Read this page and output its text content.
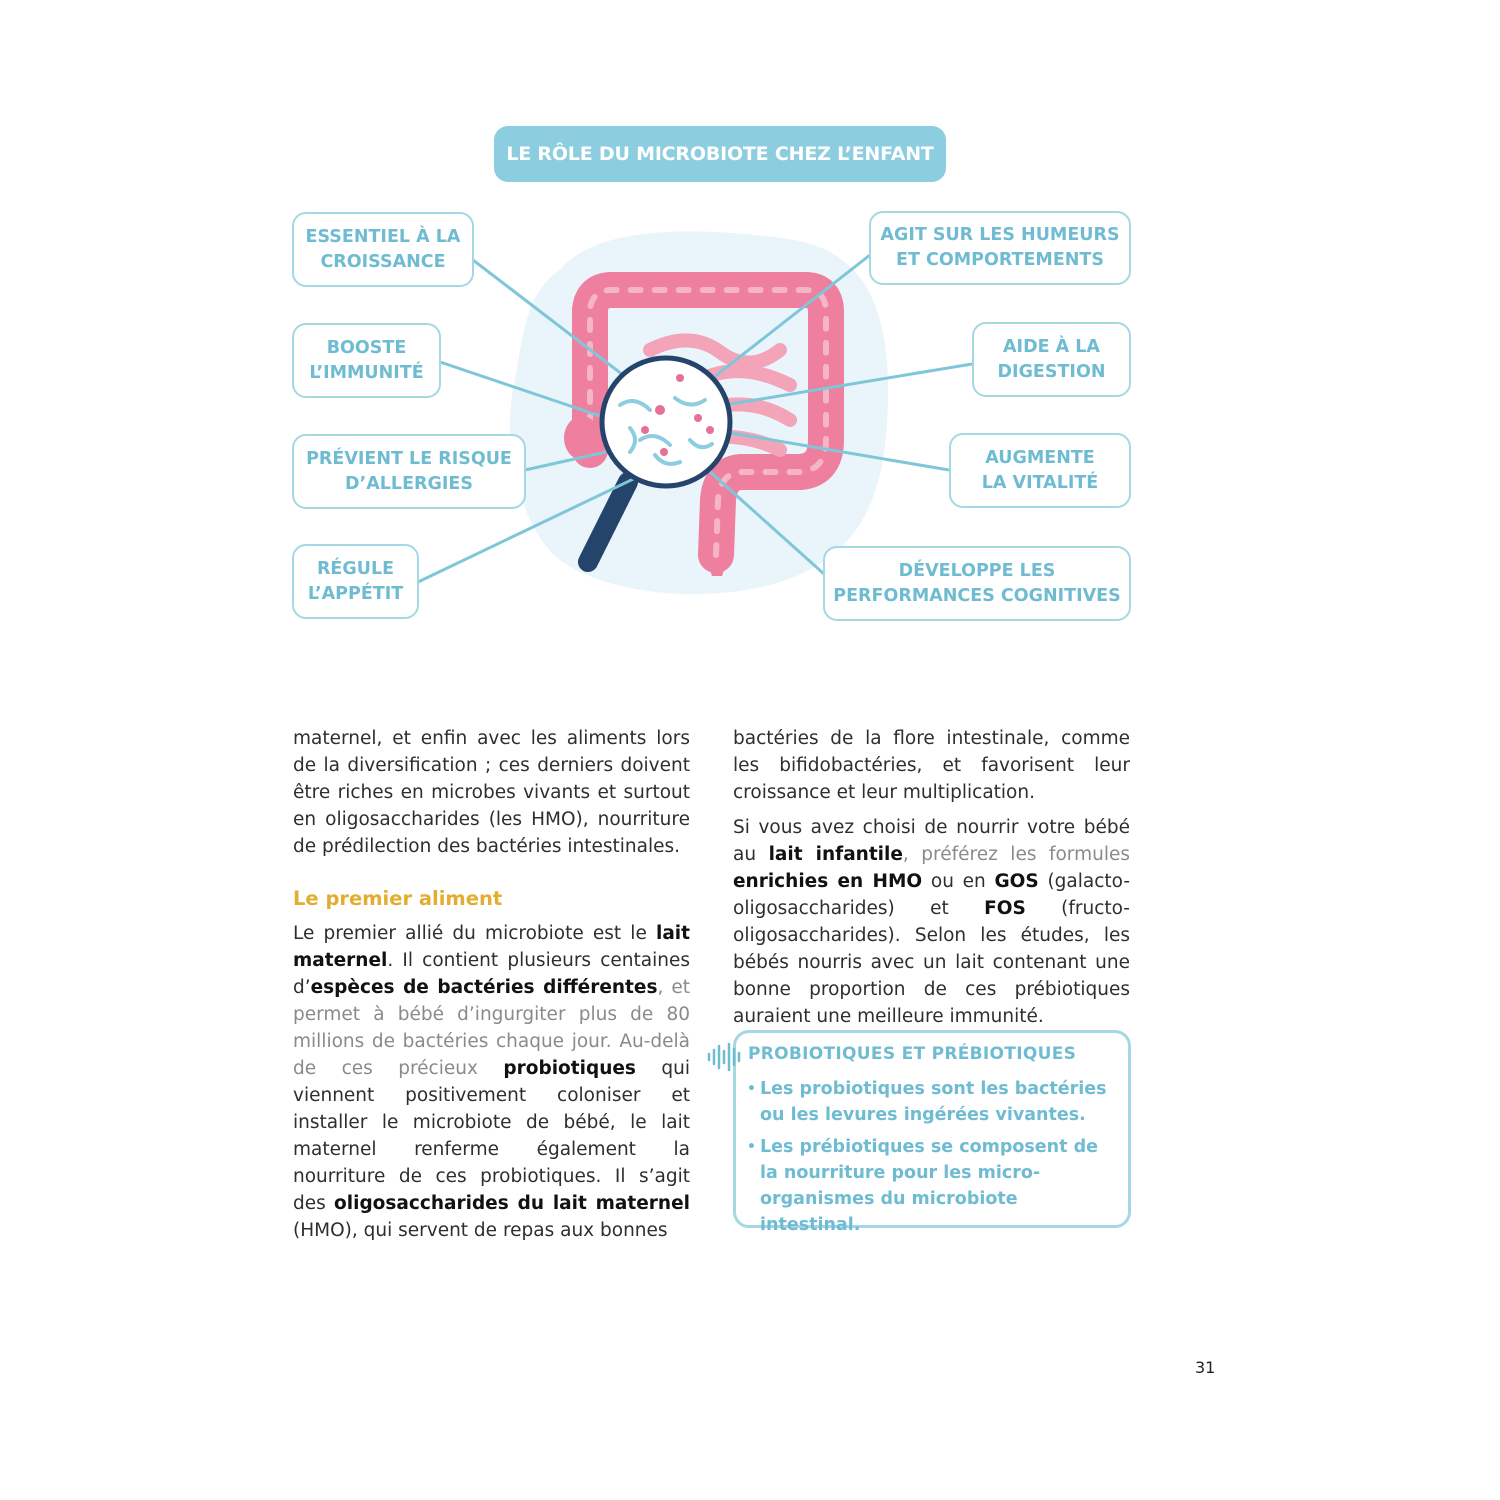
LE RÔLE DU MICROBIOTE CHEZ L’ENFANT
ESSENTIEL À LA
CROISSANCE
BOOSTE
L’IMMUNITÉ
PRÉVIENT LE RISQUE
D’ALLERGIES
RÉGULE
L’APPÉTIT
AGIT SUR LES HUMEURS
ET COMPORTEMENTS
AIDE À LA
DIGESTION
AUGMENTE
LA VITALITÉ
DÉVELOPPE LES
PERFORMANCES COGNITIVES

maternel, et enfin avec les aliments lors de la diversification ; ces derniers doivent être riches en microbes vivants et surtout en oligosaccharides (les HMO), nourriture de prédilection des bactéries intestinales.

Le premier aliment

Le premier allié du microbiote est le lait maternel. Il contient plusieurs centaines d’espèces de bactéries différentes, et permet à bébé d’ingurgiter plus de 80 millions de bactéries chaque jour. Au-delà de ces précieux probiotiques qui viennent positivement coloniser et installer le microbiote de bébé, le lait maternel renferme également la nourriture de ces probiotiques. Il s’agit des oligosaccharides du lait maternel (HMO), qui servent de repas aux bonnes

bactéries de la flore intestinale, comme les bifidobactéries, et favorisent leur croissance et leur multiplication.

Si vous avez choisi de nourrir votre bébé au lait infantile, préférez les formules enrichies en HMO ou en GOS (galacto-oligosaccharides) et FOS (fructo-oligosaccharides). Selon les études, les bébés nourris avec un lait contenant une bonne proportion de ces prébiotiques auraient une meilleure immunité.

PROBIOTIQUES ET PRÉBIOTIQUES
• Les probiotiques sont les bactéries ou les levures ingérées vivantes.
• Les prébiotiques se composent de la nourriture pour les micro-organismes du microbiote intestinal.
31
